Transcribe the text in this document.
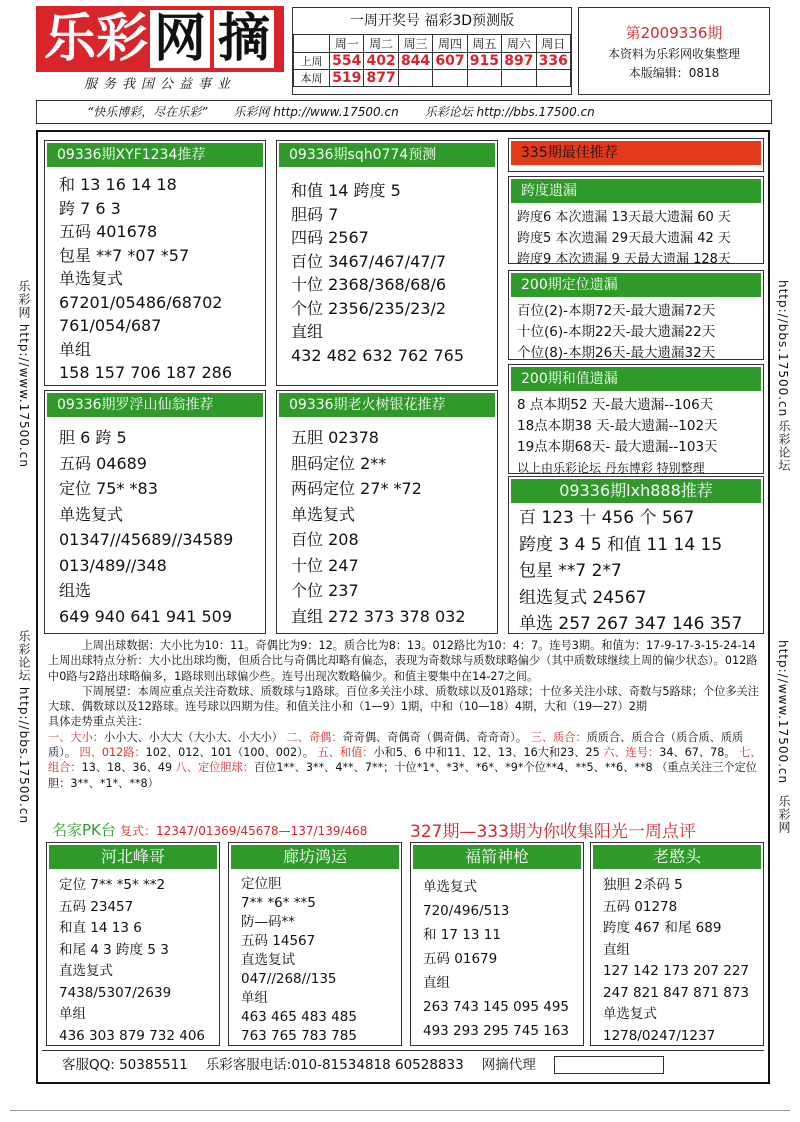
乐 彩 网 摘
服务我国公益事业
一周开奖号 福彩3D预测版
	周一	周二	周三	周四	周五	周六	周日
上周	554	402	844	607	915	897	336
本周	519	877					
第2009336期
本资料为乐彩网收集整理
本版编辑：0818
“快乐博彩，尽在乐彩” 乐彩网 http://www.17500.cn 乐彩论坛 http://bbs.17500.cn
乐彩网 http://www.17500.cn
乐彩论坛 http://bbs.17500.cn
http://bbs.17500.cn
乐彩论坛
http://www.17500.cn
乐彩网
09336期XYF1234推荐
和 13 16 14 18
跨 7 6 3
五码 401678
包星 **7 *07 *57
单选复式
67201/05486/68702
761/054/687
单组
158 157 706 187 286
09336期sqh0774预测
和值 14 跨度 5
胆码 7
四码 2567
百位 3467/467/47/7
十位 2368/368/68/6
个位 2356/235/23/2
直组
432 482 632 762 765
09336期罗浮山仙翁推荐
胆 6 跨 5
五码 04689
定位 75* *83
单选复式
01347//45689//34589
013/489//348
组选
649 940 641 941 509
09336期老火树银花推荐
五胆 02378
胆码定位 2**
两码定位 27* *72
单选复式
百位 208
十位 247
个位 237
直组 272 373 378 032
335期最佳推荐
跨度遗漏
跨度6 本次遗漏 13天最大遗漏 60 天
跨度5 本次遗漏 29天最大遗漏 42 天
跨度9 本次遗漏 9 天最大遗漏 128天
200期定位遗漏
百位(2)-本期72天-最大遗漏72天
十位(6)-本期22天-最大遗漏22天
个位(8)-本期26天-最大遗漏32天
200期和值遗漏
8 点本期52 天-最大遗漏--106天
18点本期38 天-最大遗漏--102天
19点本期68天- 最大遗漏--103天
以上由乐彩论坛 丹东博彩 特别整理
09336期lxh888推荐
百 123 十 456 个 567
跨度 3 4 5 和值 11 14 15
包星 **7 2*7
组选复式 24567
单选 257 267 347 146 357

上周出球数据：大小比为10：11。奇偶比为9：12。质合比为8：13。012路比为10：4：7。连号3期。和值为：17-9-17-3-15-24-14 上周出球特点分析：大小比出球均衡，但质合比与奇偶比却略有偏态，表现为奇数球与质数球略偏少（其中质数球继续上周的偏少状态）。012路中0路与2路出球略偏多，1路球则出球偏少些。连号出现次数略偏少。和值主要集中在14-27之间。

下周展望：本周应重点关注奇数球、质数球与1路球。百位多关注小球、质数球以及01路球；十位多关注小球、奇数与5路球；个位多关注大球、偶数球以及12路球。连号球以四期为佳。和值关注小和（1—9）1期，中和（10—18）4期，大和（19—27）2期

具体走势重点关注：

一、大小：小小大、小大大（大小大、小大小） 二、奇偶：奇奇偶、奇偶奇（偶奇偶、奇奇奇）。 三、质合：质质合、质合合（质合质、质质质）。 四、012路：102、012、101（100、002）。 五、和值：小和5、6 中和11、12、13、16大和23、25 六、连号：34、67、78。 七、组合：13、18、36、49 八、定位胆球：百位1**、3**、4**、7**；十位*1*、*3*、*6*、*9*个位**4、**5、**6、**8 （重点关注三个定位胆：3**、*1*、**8）

名家PK台 复式：12347/01369/45678—137/139/468	327期—333期为你收集阳光一周点评
河北峰哥
定位 7** *5* **2
五码 23457
和直 14 13 6
和尾 4 3 跨度 5 3
直选复式
7438/5307/2639
单组
436 303 879 732 406
廊坊鸿运
定位胆
7** *6* **5
防—码**
五码 14567
直选复试
047//268//135
单组
463 465 483 485
763 765 783 785
福箭神枪
单选复式
720/496/513
和 17 13 11
五码 01679
直组
263 743 145 095 495
493 293 295 745 163
老憨头
独胆 2杀码 5
五码 01278
跨度 467 和尾 689
直组
127 142 173 207 227
247 821 847 871 873
单选复式
1278/0247/1237
客服QQ: 50385511 乐彩客服电话:010-81534818 60528833 网摘代理
